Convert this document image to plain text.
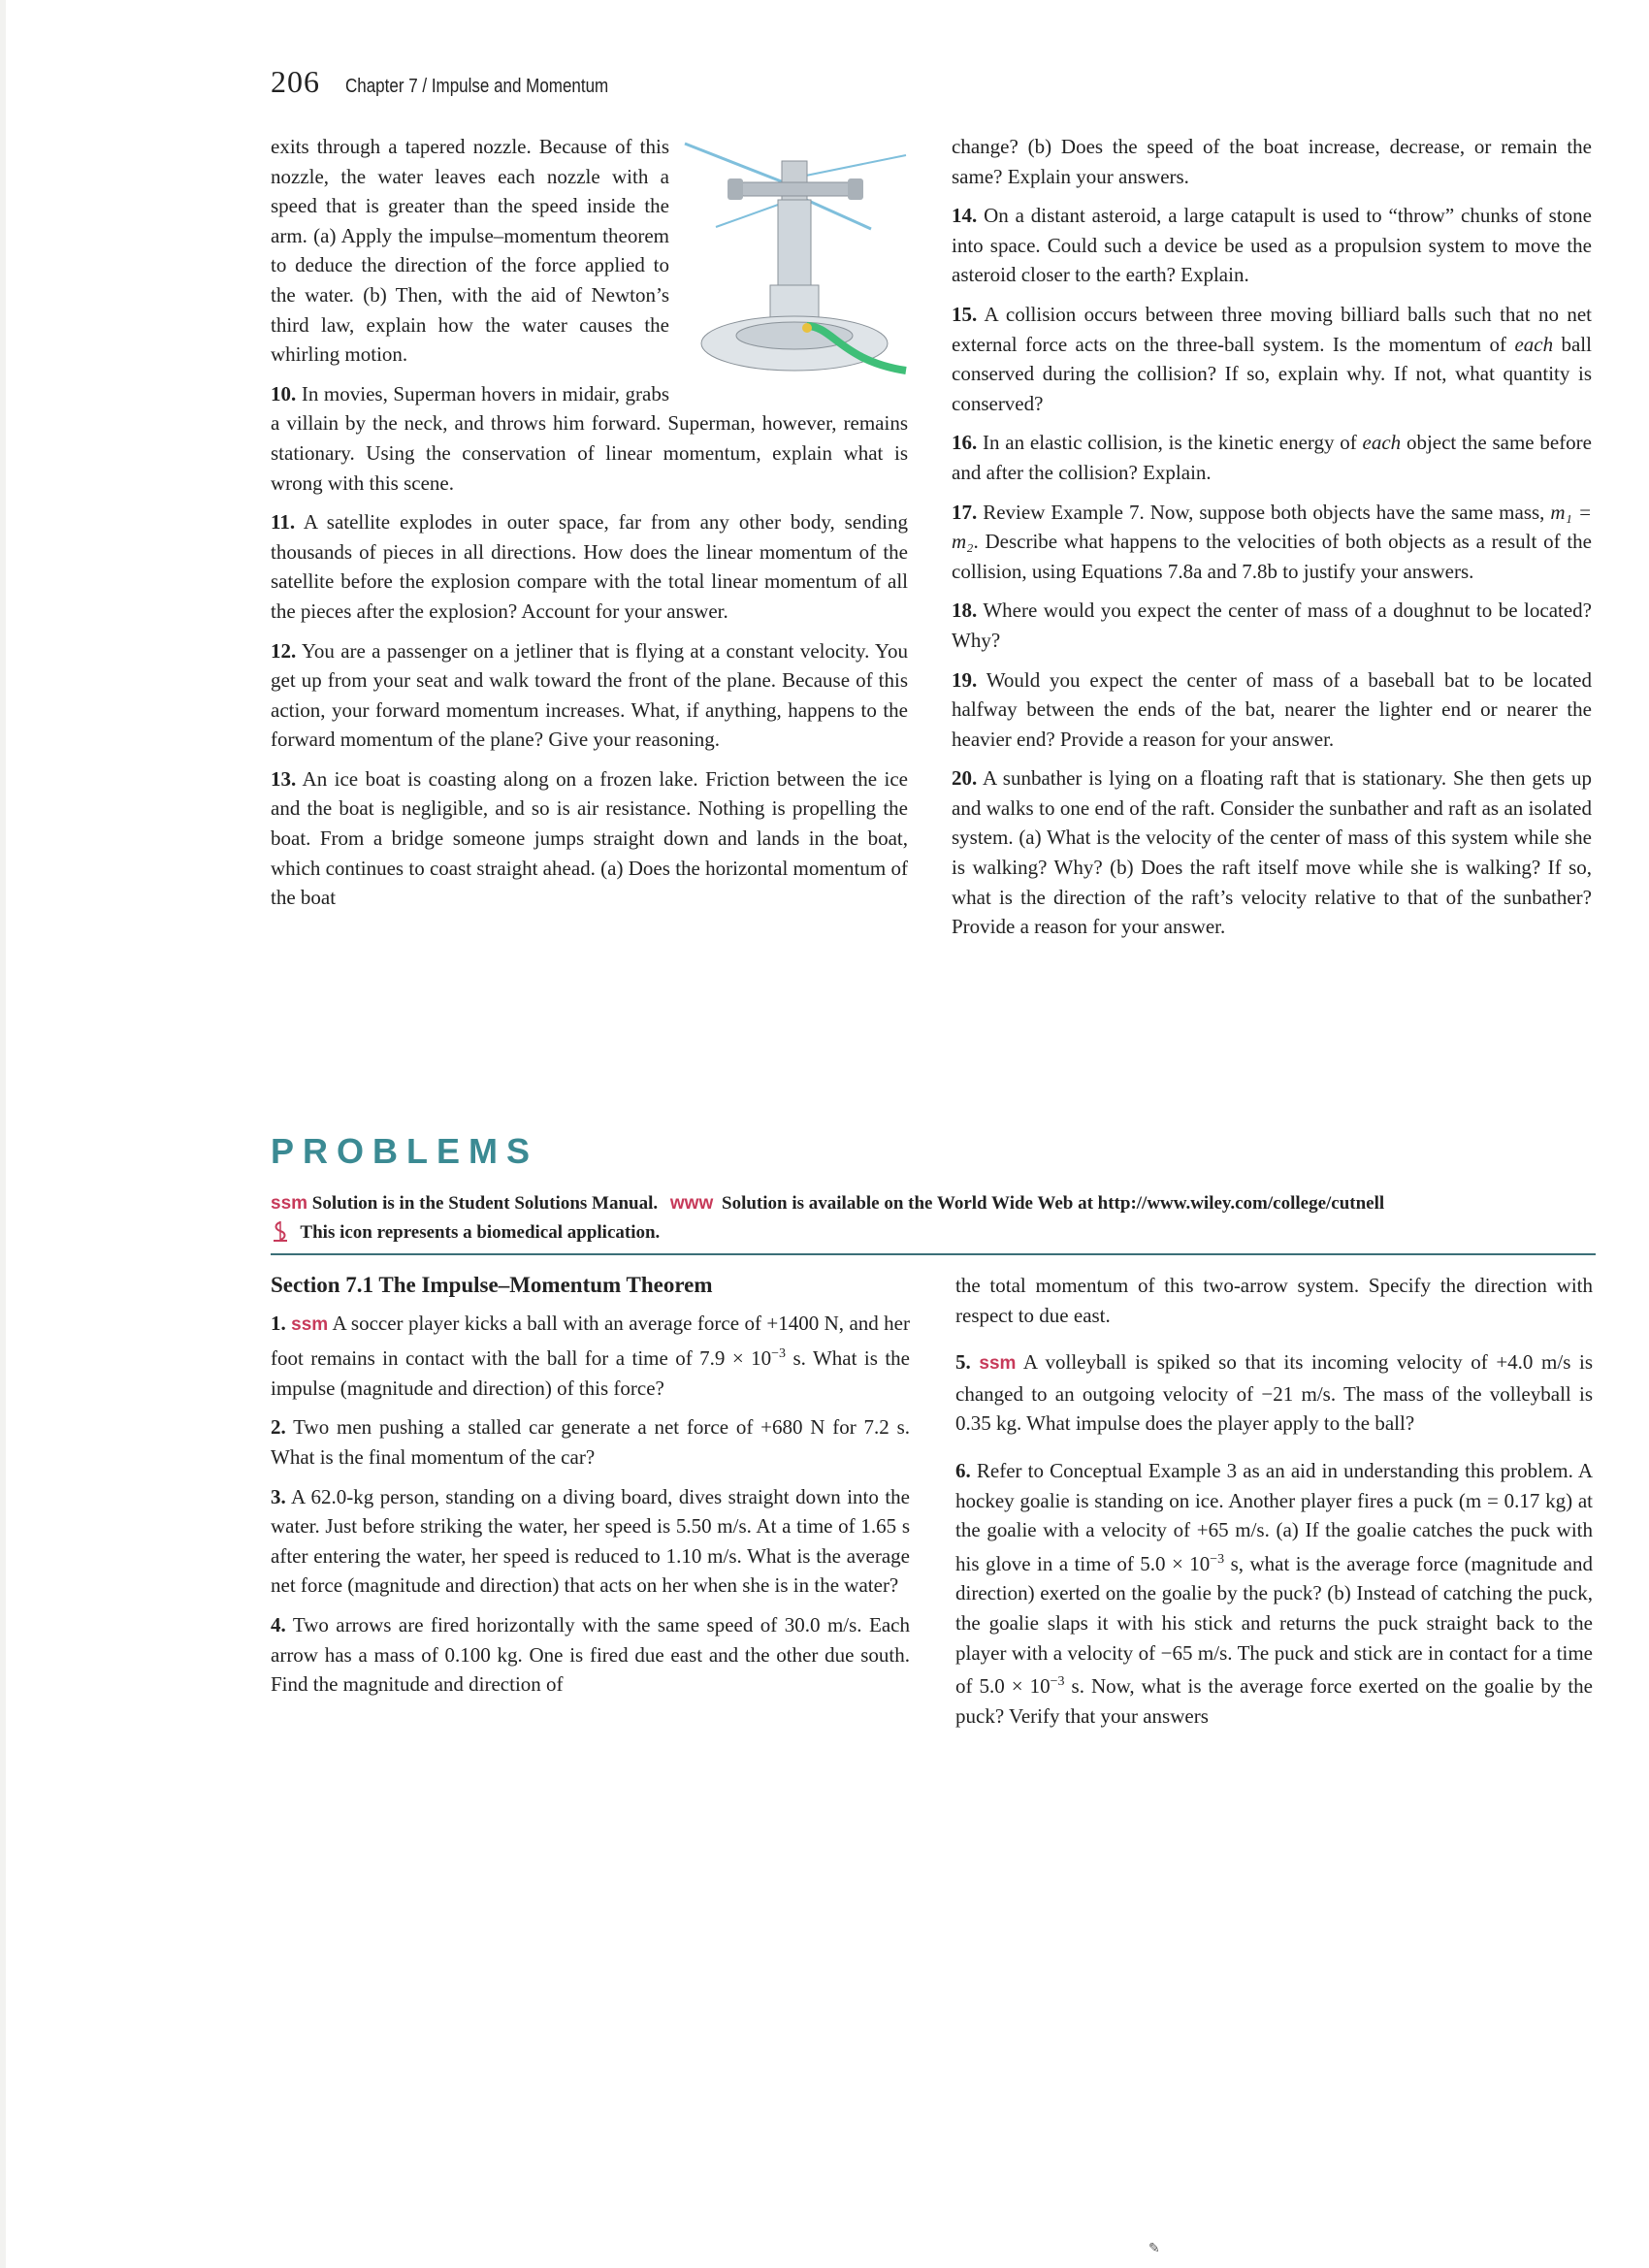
206 Chapter 7 / Impulse and Momentum

exits through a tapered nozzle. Because of this nozzle, the water leaves each nozzle with a speed that is greater than the speed inside the arm. (a) Apply the impulse–momentum theorem to deduce the direction of the force applied to the water. (b) Then, with the aid of Newton’s third law, explain how the water causes the whirling motion.

10. In movies, Superman hovers in midair, grabs a villain by the neck, and throws him forward. Superman, however, remains stationary. Using the conservation of linear momentum, explain what is wrong with this scene.

11. A satellite explodes in outer space, far from any other body, sending thousands of pieces in all directions. How does the linear momentum of the satellite before the explosion compare with the total linear momentum of all the pieces after the explosion? Account for your answer.

12. You are a passenger on a jetliner that is flying at a constant velocity. You get up from your seat and walk toward the front of the plane. Because of this action, your forward momentum increases. What, if anything, happens to the forward momentum of the plane? Give your reasoning.

13. An ice boat is coasting along on a frozen lake. Friction between the ice and the boat is negligible, and so is air resistance. Nothing is propelling the boat. From a bridge someone jumps straight down and lands in the boat, which continues to coast straight ahead. (a) Does the horizontal momentum of the boat

change? (b) Does the speed of the boat increase, decrease, or remain the same? Explain your answers.

14. On a distant asteroid, a large catapult is used to “throw” chunks of stone into space. Could such a device be used as a propulsion system to move the asteroid closer to the earth? Explain.

15. A collision occurs between three moving billiard balls such that no net external force acts on the three-ball system. Is the momentum of each ball conserved during the collision? If so, explain why. If not, what quantity is conserved?

16. In an elastic collision, is the kinetic energy of each object the same before and after the collision? Explain.

17. Review Example 7. Now, suppose both objects have the same mass, m₁ = m₂. Describe what happens to the velocities of both objects as a result of the collision, using Equations 7.8a and 7.8b to justify your answers.

18. Where would you expect the center of mass of a doughnut to be located? Why?

19. Would you expect the center of mass of a baseball bat to be located halfway between the ends of the bat, nearer the lighter end or nearer the heavier end? Provide a reason for your answer.

20. A sunbather is lying on a floating raft that is stationary. She then gets up and walks to one end of the raft. Consider the sunbather and raft as an isolated system. (a) What is the velocity of the center of mass of this system while she is walking? Why? (b) Does the raft itself move while she is walking? If so, what is the direction of the raft’s velocity relative to that of the sunbather? Provide a reason for your answer.

PROBLEMS
ssm Solution is in the Student Solutions Manual. www Solution is available on the World Wide Web at http://www.wiley.com/college/cutnell
This icon represents a biomedical application.
Section 7.1 The Impulse–Momentum Theorem

1. ssm A soccer player kicks a ball with an average force of +1400 N, and her foot remains in contact with the ball for a time of $7.9 \times 10^{-3}$ s. What is the impulse (magnitude and direction) of this force?

2. Two men pushing a stalled car generate a net force of +680 N for 7.2 s. What is the final momentum of the car?

3. A 62.0-kg person, standing on a diving board, dives straight down into the water. Just before striking the water, her speed is 5.50 m/s. At a time of 1.65 s after entering the water, her speed is reduced to 1.10 m/s. What is the average net force (magnitude and direction) that acts on her when she is in the water?

4. Two arrows are fired horizontally with the same speed of 30.0 m/s. Each arrow has a mass of 0.100 kg. One is fired due east and the other due south. Find the magnitude and direction of

the total momentum of this two-arrow system. Specify the direction with respect to due east.

5. ssm A volleyball is spiked so that its incoming velocity of +4.0 m/s is changed to an outgoing velocity of −21 m/s. The mass of the volleyball is 0.35 kg. What impulse does the player apply to the ball?

6. Refer to Conceptual Example 3 as an aid in understanding this problem. A hockey goalie is standing on ice. Another player fires a puck (m = 0.17 kg) at the goalie with a velocity of +65 m/s. (a) If the goalie catches the puck with his glove in a time of $5.0 \times 10^{-3}$ s, what is the average force (magnitude and direction) exerted on the goalie by the puck? (b) Instead of catching the puck, the goalie slaps it with his stick and returns the puck straight back to the player with a velocity of −65 m/s. The puck and stick are in contact for a time of $5.0 \times 10^{-3}$ s. Now, what is the average force exerted on the goalie by the puck? Verify that your answers

✎
